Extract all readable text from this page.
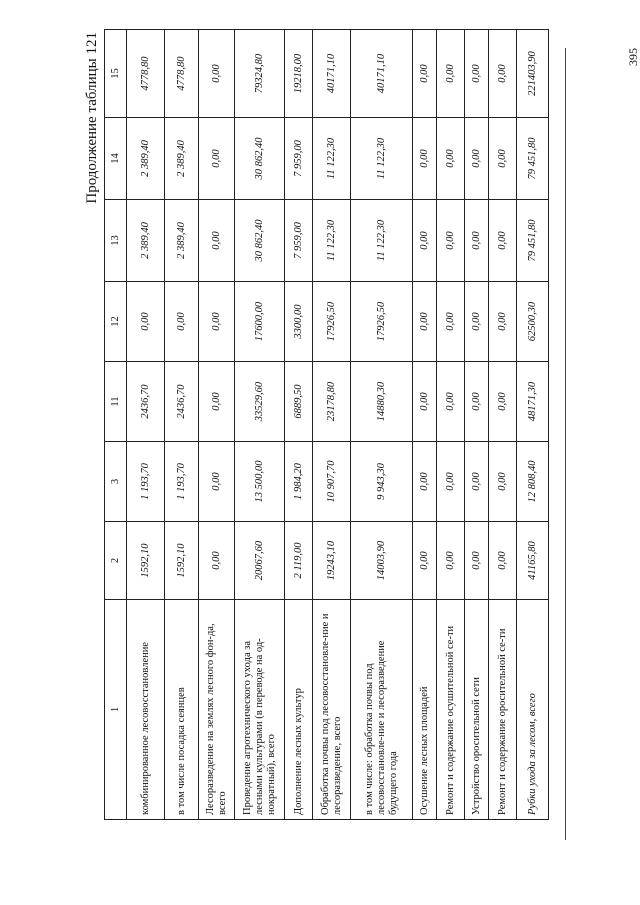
395
Продолжение таблицы 121
1	2	3	11	12	13	14	15
комбинированное лесовосстановление	1592,10	1 193,70	2436,70	0,00	2 389,40	2 389,40	4778,80
в том числе посадка сеянцев	1592,10	1 193,70	2436,70	0,00	2 389,40	2 389,40	4778,80
Лесоразведение на землях лесного фон-да, всего	0,00	0,00	0,00	0,00	0,00	0,00	0,00
Проведение агротехнического ухода за лесными культурами (в переводе на од-нократный), всего	20067,60	13 500,00	33529,60	17600,00	30 862,40	30 862,40	79324,80
Дополнение лесных культур	2 119,00	1 984,20	6889,50	3300,00	7 959,00	7 959,00	19218,00
Обработка почвы под лесовосстановле-ние и лесоразведение, всего	19243,10	10 907,70	23178,80	17926,50	11 122,30	11 122,30	40171,10
в том числе: обработка почвы под лесовосстановле-ние и лесоразведение будущего года	14003,90	9 943,30	14880,30	17926,50	11 122,30	11 122,30	40171,10
Осушение лесных площадей	0,00	0,00	0,00	0,00	0,00	0,00	0,00
Ремонт и содержание осушительной се-ти	0,00	0,00	0,00	0,00	0,00	0,00	0,00
Устройство оросительной сети	0,00	0,00	0,00	0,00	0,00	0,00	0,00
Ремонт и содержание оросительной се-ти	0,00	0,00	0,00	0,00	0,00	0,00	0,00
Рубки ухода за лесом, всего	41165,80	12 808,40	48171,30	62500,30	79 451,80	79 451,80	221403,90
